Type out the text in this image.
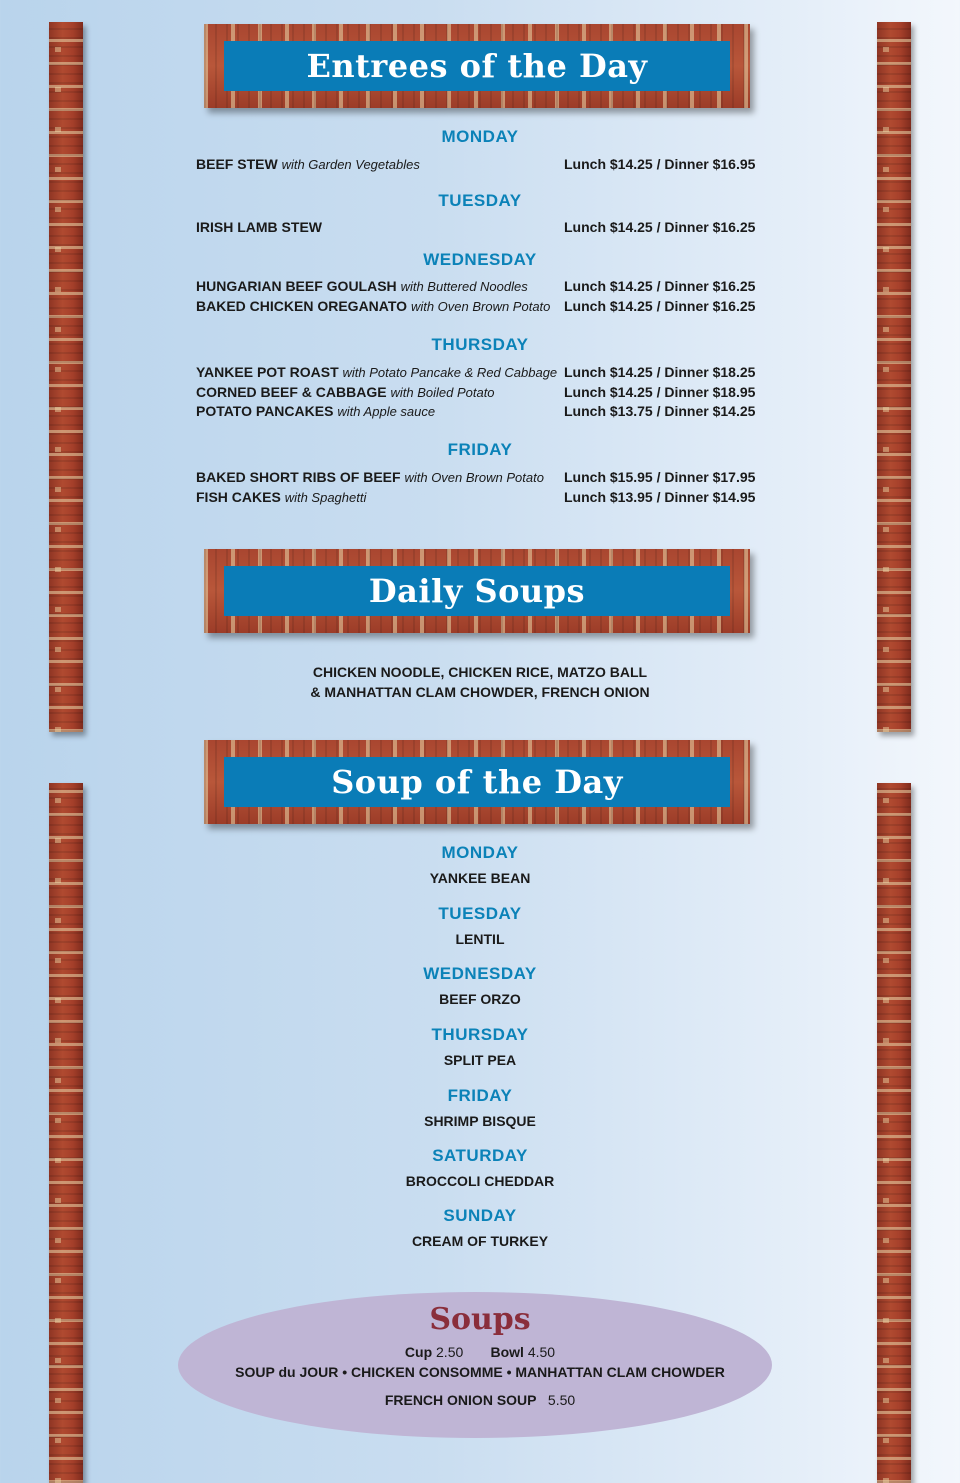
Entrees of the Day
MONDAY
BEEF STEW with Garden Vegetables	Lunch $14.25 / Dinner $16.95
TUESDAY
IRISH LAMB STEW	Lunch $14.25 / Dinner $16.25
WEDNESDAY
HUNGARIAN BEEF GOULASH with Buttered Noodles	Lunch $14.25 / Dinner $16.25
BAKED CHICKEN OREGANATO with Oven Brown Potato Lunch $14.25 / Dinner $16.25
THURSDAY
YANKEE POT ROAST with Potato Pancake & Red Cabbage Lunch $14.25 / Dinner $18.25
CORNED BEEF & CABBAGE with Boiled Potato	Lunch $14.25 / Dinner $18.95
POTATO PANCAKES with Apple sauce	Lunch $13.75 / Dinner $14.25
FRIDAY
BAKED SHORT RIBS OF BEEF with Oven Brown Potato Lunch $15.95 / Dinner $17.95
FISH CAKES with Spaghetti	Lunch $13.95 / Dinner $14.95
Daily Soups
CHICKEN NOODLE, CHICKEN RICE, MATZO BALL
& MANHATTAN CLAM CHOWDER, FRENCH ONION
Soup of the Day
MONDAY
YANKEE BEAN
TUESDAY
LENTIL
WEDNESDAY
BEEF ORZO
THURSDAY
SPLIT PEA
FRIDAY
SHRIMP BISQUE
SATURDAY
BROCCOLI CHEDDAR
SUNDAY
CREAM OF TURKEY
Soups
Cup 2.50 Bowl 4.50
SOUP du JOUR • CHICKEN CONSOMME • MANHATTAN CLAM CHOWDER
FRENCH ONION SOUP 5.50
